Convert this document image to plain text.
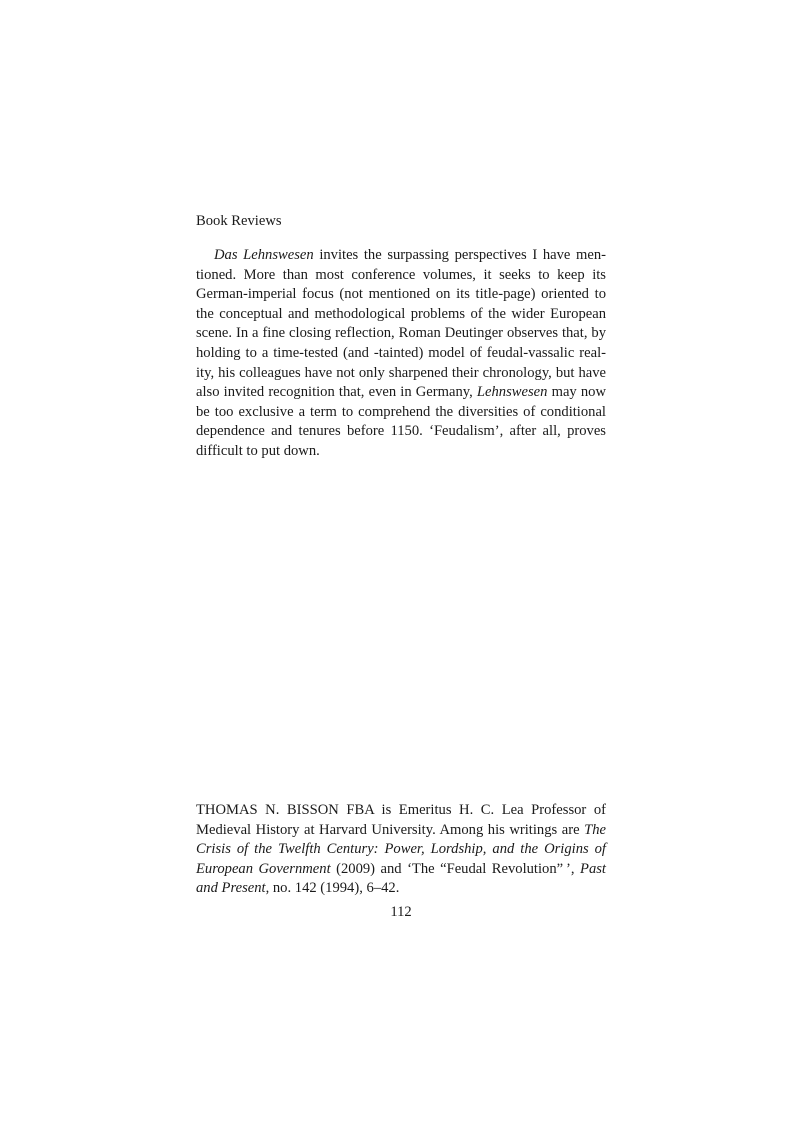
Book Reviews

Das Lehnswesen invites the surpassing perspectives I have mentioned. More than most conference volumes, it seeks to keep its German-imperial focus (not mentioned on its title-page) oriented to the conceptual and methodological problems of the wider European scene. In a fine closing reflection, Roman Deutinger observes that, by holding to a time-tested (and -tainted) model of feudal-vassalic reality, his colleagues have not only sharpened their chronology, but have also invited recognition that, even in Germany, Lehnswesen may now be too exclusive a term to comprehend the diversities of conditional dependence and tenures before 1150. ‘Feudalism’, after all, proves difficult to put down.

THOMAS N. BISSON FBA is Emeritus H. C. Lea Professor of Medieval History at Harvard University. Among his writings are The Crisis of the Twelfth Century: Power, Lordship, and the Origins of European Government (2009) and ‘The “Feudal Revolution” ’, Past and Present, no. 142 (1994), 6–42.

112
